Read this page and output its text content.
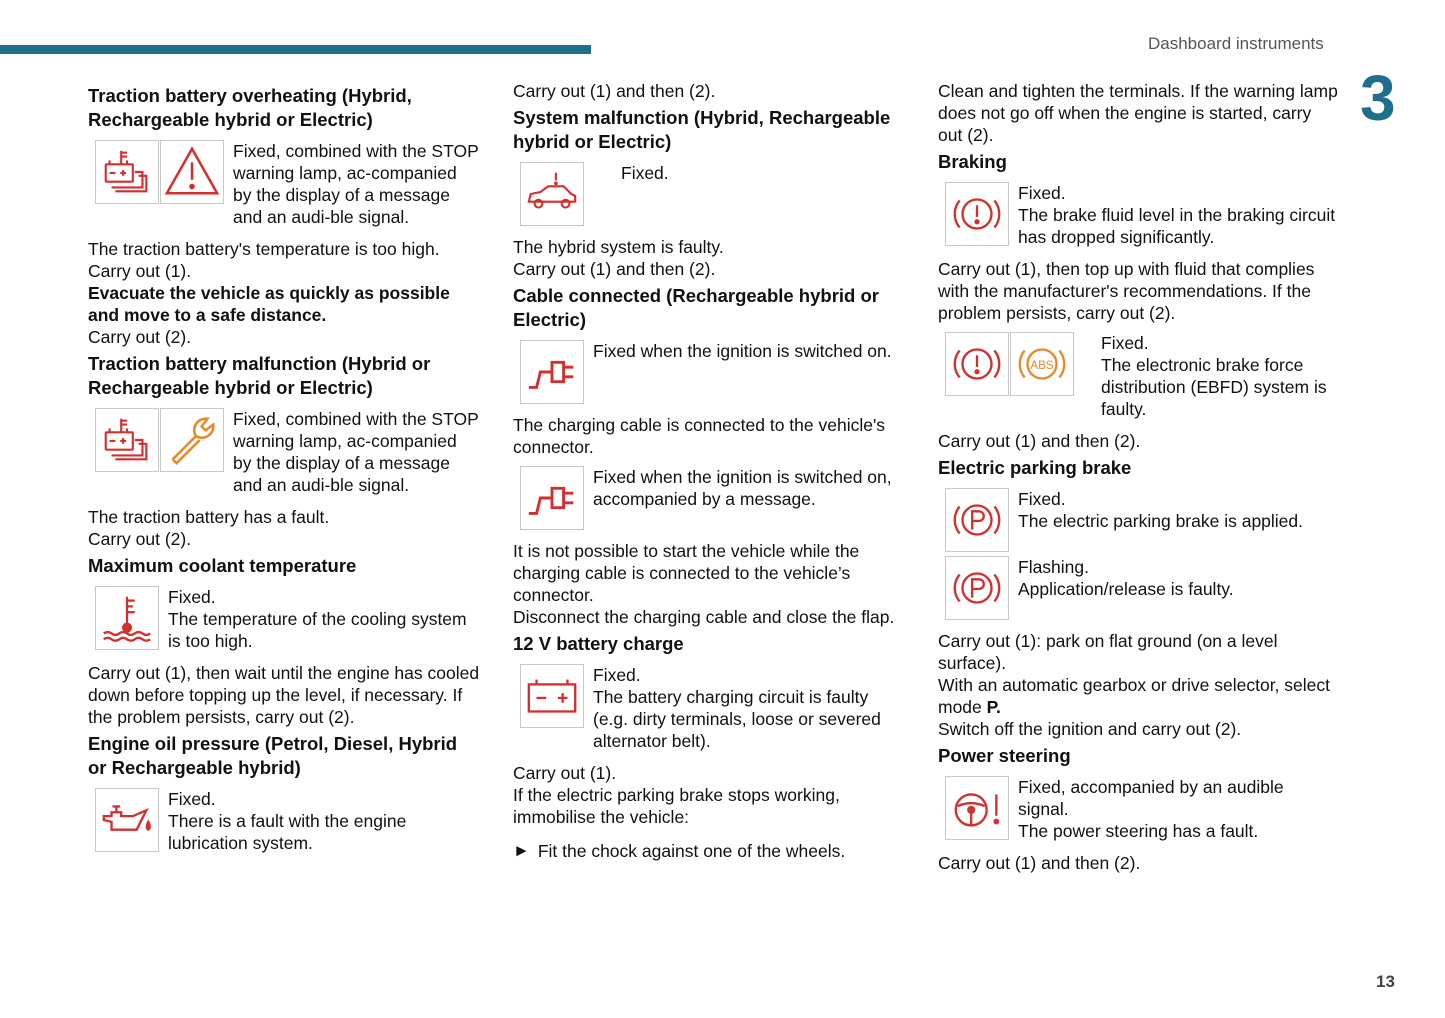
Dashboard instruments
3
13
Traction battery overheating (Hybrid, Rechargeable hybrid or Electric)
Fixed, combined with the STOP warning lamp, ac-companied by the display of a message and an audi-ble signal.

The traction battery's temperature is too high.

Carry out (1).

Evacuate the vehicle as quickly as possible and move to a safe distance.

Carry out (2).

Traction battery malfunction (Hybrid or Rechargeable hybrid or Electric)
Fixed, combined with the STOP warning lamp, ac-companied by the display of a message and an audi-ble signal.

The traction battery has a fault.

Carry out (2).

Maximum coolant temperature
Fixed.
The temperature of the cooling system is too high.

Carry out (1), then wait until the engine has cooled down before topping up the level, if necessary. If the problem persists, carry out (2).

Engine oil pressure (Petrol, Diesel, Hybrid or Rechargeable hybrid)
Fixed.
There is a fault with the engine lubrication system.

Carry out (1) and then (2).

System malfunction (Hybrid, Rechargeable hybrid or Electric)
Fixed.

The hybrid system is faulty.

Carry out (1) and then (2).

Cable connected (Rechargeable hybrid or Electric)
Fixed when the ignition is switched on.

The charging cable is connected to the vehicle's connector.

Fixed when the ignition is switched on, accompanied by a message.

It is not possible to start the vehicle while the charging cable is connected to the vehicle’s connector.

Disconnect the charging cable and close the flap.

12 V battery charge
Fixed.
The battery charging circuit is faulty (e.g. dirty terminals, loose or severed alternator belt).

Carry out (1).

If the electric parking brake stops working, immobilise the vehicle:

► Fit the chock against one of the wheels.

Clean and tighten the terminals. If the warning lamp does not go off when the engine is started, carry out (2).

Braking
Fixed.
The brake fluid level in the braking circuit has dropped significantly.

Carry out (1), then top up with fluid that complies with the manufacturer's recommendations. If the problem persists, carry out (2).

ABS
Fixed.
The electronic brake force distribution (EBFD) system is faulty.

Carry out (1) and then (2).

Electric parking brake
Fixed.
The electric parking brake is applied.
Flashing.
Application/release is faulty.

Carry out (1): park on flat ground (on a level surface).

With an automatic gearbox or drive selector, select mode P.

Switch off the ignition and carry out (2).

Power steering
Fixed, accompanied by an audible signal.
The power steering has a fault.

Carry out (1) and then (2).
